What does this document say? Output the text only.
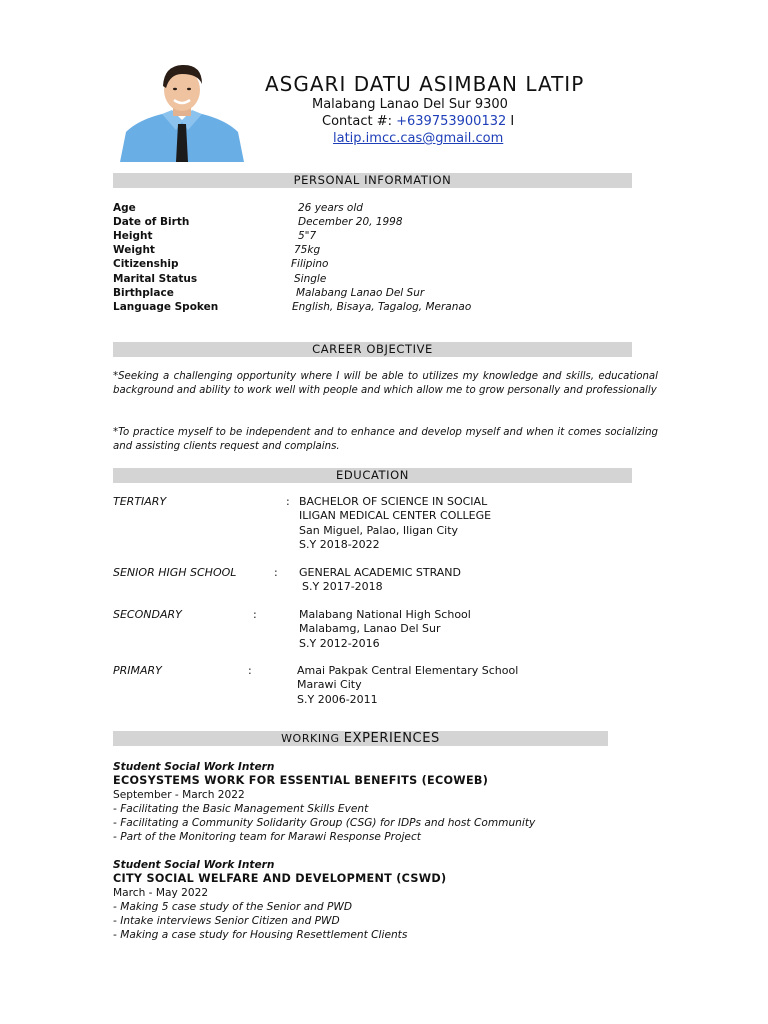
ASGARI DATU ASIMBAN LATIP
Malabang Lanao Del Sur 9300
Contact #: +639753900132 I
latip.imcc.cas@gmail.com
PERSONAL INFORMATION
Age	26 years old
Date of Birth	December 20, 1998
Height	5"7
Weight	75kg
Citizenship	Filipino
Marital Status	Single
Birthplace	Malabang Lanao Del Sur
Language Spoken	English, Bisaya, Tagalog, Meranao
CAREER OBJECTIVE
*Seeking a challenging opportunity where I will be able to utilizes my knowledge and skills, educational background and ability to work well with people and which allow me to grow personally and professionally
*To practice myself to be independent and to enhance and develop myself and when it comes socializing and assisting clients request and complains.
EDUCATION
TERTIARY	: BACHELOR OF SCIENCE IN SOCIAL
ILIGAN MEDICAL CENTER COLLEGE
San Miguel, Palao, Iligan City
S.Y 2018-2022
SENIOR HIGH SCHOOL	: GENERAL ACADEMIC STRAND
S.Y 2017-2018
SECONDARY	:	Malabang National High School
Malabamg, Lanao Del Sur
S.Y 2012-2016
PRIMARY	:	Amai Pakpak Central Elementary School
Marawi City
S.Y 2006-2011
WORKING EXPERIENCES
Student Social Work Intern
ECOSYSTEMS WORK FOR ESSENTIAL BENEFITS (ECOWEB)
September - March 2022
- Facilitating the Basic Management Skills Event
- Facilitating a Community Solidarity Group (CSG) for IDPs and host Community
- Part of the Monitoring team for Marawi Response Project
Student Social Work Intern
CITY SOCIAL WELFARE AND DEVELOPMENT (CSWD)
March - May 2022
- Making 5 case study of the Senior and PWD
- Intake interviews Senior Citizen and PWD
- Making a case study for Housing Resettlement Clients
